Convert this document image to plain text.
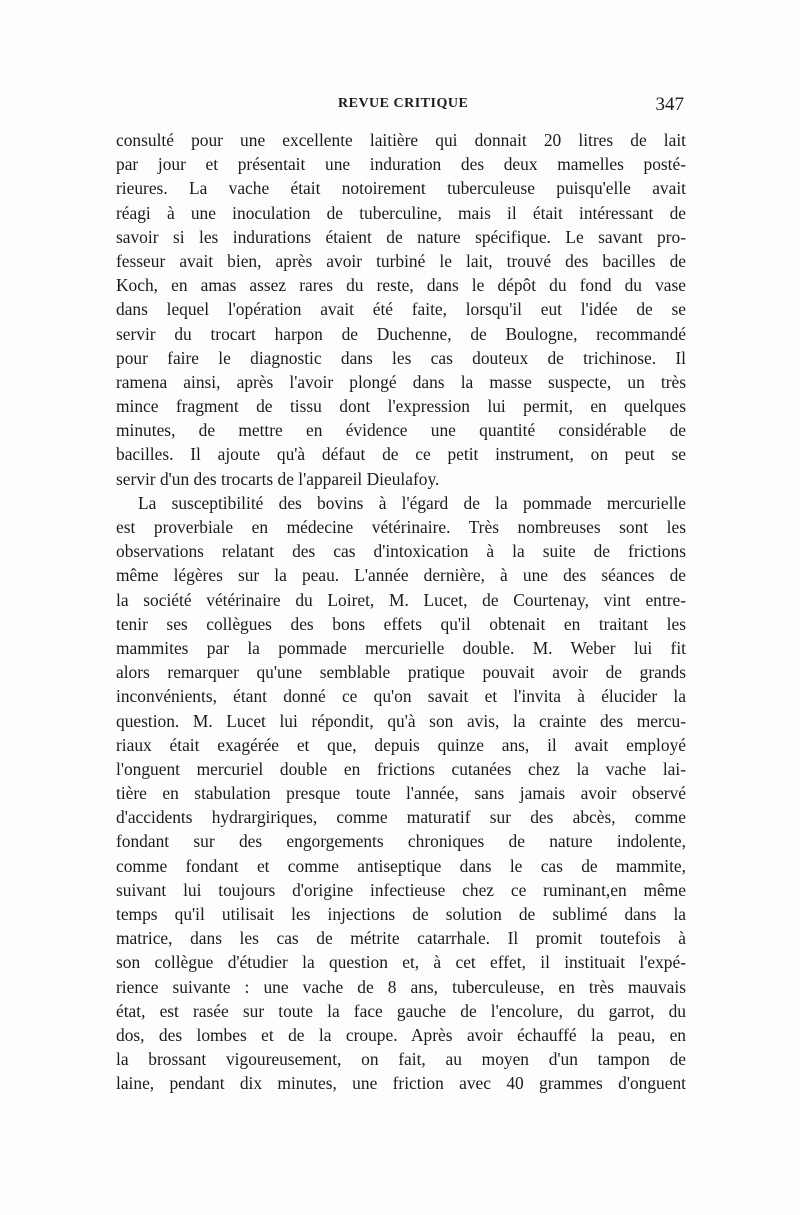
REVUE CRITIQUE	347
consulté pour une excellente laitière qui donnait 20 litres de lait
par jour et présentait une induration des deux mamelles posté-
rieures. La vache était notoirement tuberculeuse puisqu'elle avait
réagi à une inoculation de tuberculine, mais il était intéressant de
savoir si les indurations étaient de nature spécifique. Le savant pro-
fesseur avait bien, après avoir turbiné le lait, trouvé des bacilles de
Koch, en amas assez rares du reste, dans le dépôt du fond du vase
dans lequel l'opération avait été faite, lorsqu'il eut l'idée de se
servir du trocart harpon de Duchenne, de Boulogne, recommandé
pour faire le diagnostic dans les cas douteux de trichinose. Il
ramena ainsi, après l'avoir plongé dans la masse suspecte, un très
mince fragment de tissu dont l'expression lui permit, en quelques
minutes, de mettre en évidence une quantité considérable de
bacilles. Il ajoute qu'à défaut de ce petit instrument, on peut se
servir d'un des trocarts de l'appareil Dieulafoy.
La susceptibilité des bovins à l'égard de la pommade mercurielle
est proverbiale en médecine vétérinaire. Très nombreuses sont les
observations relatant des cas d'intoxication à la suite de frictions
même légères sur la peau. L'année dernière, à une des séances de
la société vétérinaire du Loiret, M. Lucet, de Courtenay, vint entre-
tenir ses collègues des bons effets qu'il obtenait en traitant les
mammites par la pommade mercurielle double. M. Weber lui fit
alors remarquer qu'une semblable pratique pouvait avoir de grands
inconvénients, étant donné ce qu'on savait et l'invita à élucider la
question. M. Lucet lui répondit, qu'à son avis, la crainte des mercu-
riaux était exagérée et que, depuis quinze ans, il avait employé
l'onguent mercuriel double en frictions cutanées chez la vache lai-
tière en stabulation presque toute l'année, sans jamais avoir observé
d'accidents hydrargiriques, comme maturatif sur des abcès, comme
fondant sur des engorgements chroniques de nature indolente,
comme fondant et comme antiseptique dans le cas de mammite,
suivant lui toujours d'origine infectieuse chez ce ruminant,en même
temps qu'il utilisait les injections de solution de sublimé dans la
matrice, dans les cas de métrite catarrhale. Il promit toutefois à
son collègue d'étudier la question et, à cet effet, il instituait l'expé-
rience suivante : une vache de 8 ans, tuberculeuse, en très mauvais
état, est rasée sur toute la face gauche de l'encolure, du garrot, du
dos, des lombes et de la croupe. Après avoir échauffé la peau, en
la brossant vigoureusement, on fait, au moyen d'un tampon de
laine, pendant dix minutes, une friction avec 40 grammes d'onguent
